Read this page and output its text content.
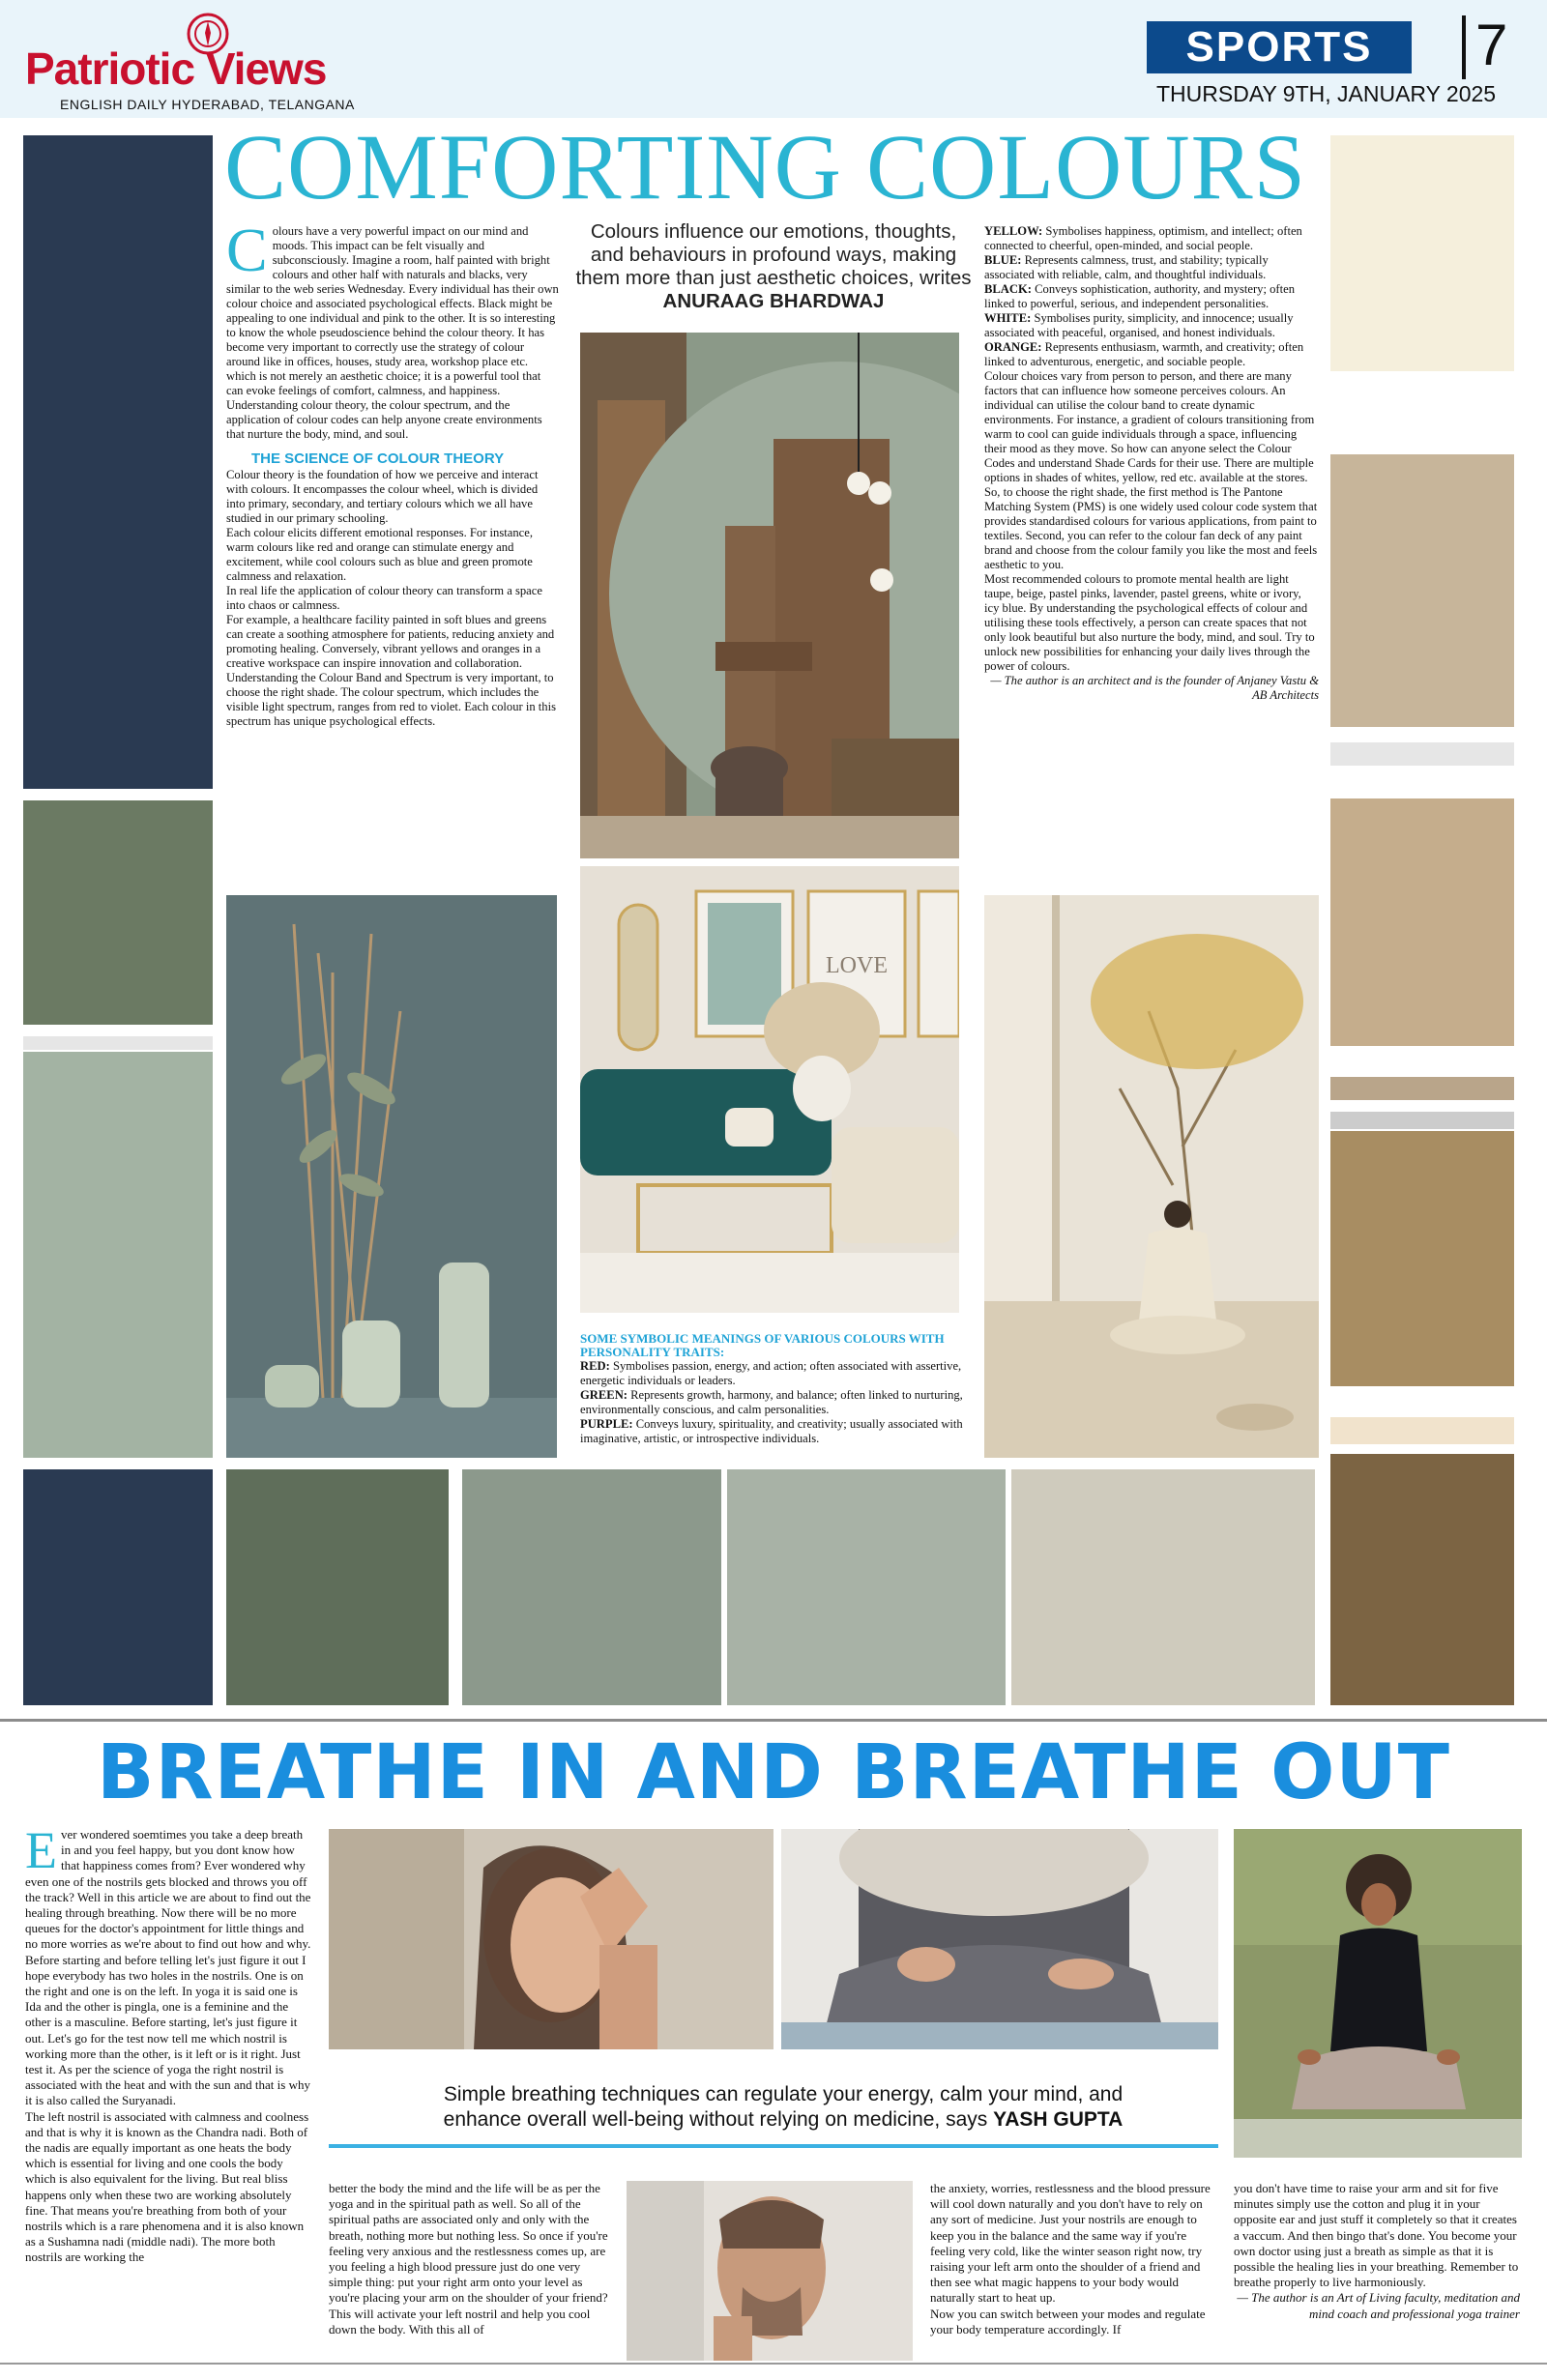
Patriotic Views
ENGLISH DAILY HYDERABAD, TELANGANA
SPORTS	7
THURSDAY 9TH, JANUARY 2025
COMFORTING COLOURS
C olours have a very powerful impact on our mind and moods. This impact can be felt visually and subconsciously. Imagine a room, half painted with bright colours and other half with naturals and blacks, very similar to the web series Wednesday. Every individual has their own colour choice and associated psychological effects. Black might be appealing to one individual and pink to the other. It is so interesting to know the whole pseudoscience behind the colour theory. It has become very important to correctly use the strategy of colour around like in offices, houses, study area, workshop place etc. which is not merely an aesthetic choice; it is a powerful tool that can evoke feelings of comfort, calmness, and happiness. Understanding colour theory, the colour spectrum, and the application of colour codes can help anyone create environments that nurture the body, mind, and soul.

THE SCIENCE OF COLOUR THEORY

Colour theory is the foundation of how we perceive and interact with colours. It encompasses the colour wheel, which is divided into primary, secondary, and tertiary colours which we all have studied in our primary schooling.

Each colour elicits different emotional responses. For instance, warm colours like red and orange can stimulate energy and excitement, while cool colours such as blue and green promote calmness and relaxation.

In real life the application of colour theory can transform a space into chaos or calmness.

For example, a healthcare facility painted in soft blues and greens can create a soothing atmosphere for patients, reducing anxiety and promoting healing. Conversely, vibrant yellows and oranges in a creative workspace can inspire innovation and collaboration. Understanding the Colour Band and Spectrum is very important, to choose the right shade. The colour spectrum, which includes the visible light spectrum, ranges from red to violet. Each colour in this spectrum has unique psychological effects.

Colours influence our emotions, thoughts, and behaviours in profound ways, making them more than just aesthetic choices, writes ANURAAG BHARDWAJ

YELLOW: Symbolises happiness, optimism, and intellect; often connected to cheerful, open-minded, and social people.

BLUE: Represents calmness, trust, and stability; typically associated with reliable, calm, and thoughtful individuals.

BLACK: Conveys sophistication, authority, and mystery; often linked to powerful, serious, and independent personalities.

WHITE: Symbolises purity, simplicity, and innocence; usually associated with peaceful, organised, and honest individuals.

ORANGE: Represents enthusiasm, warmth, and creativity; often linked to adventurous, energetic, and sociable people.

Colour choices vary from person to person, and there are many factors that can influence how someone perceives colours. An individual can utilise the colour band to create dynamic environments. For instance, a gradient of colours transitioning from warm to cool can guide individuals through a space, influencing their mood as they move. So how can anyone select the Colour Codes and understand Shade Cards for their use. There are multiple options in shades of whites, yellow, red etc. available at the stores. So, to choose the right shade, the first method is The Pantone Matching System (PMS) is one widely used colour code system that provides standardised colours for various applications, from paint to textiles. Second, you can refer to the colour fan deck of any paint brand and choose from the colour family you like the most and feels aesthetic to you.

Most recommended colours to promote mental health are light taupe, beige, pastel pinks, lavender, pastel greens, white or ivory, icy blue. By understanding the psychological effects of colour and utilising these tools effectively, a person can create spaces that not only look beautiful but also nurture the body, mind, and soul. Try to unlock new possibilities for enhancing your daily lives through the power of colours.

— The author is an architect and is the founder of Anjaney Vastu & AB Architects

LOVE

SOME SYMBOLIC MEANINGS OF VARIOUS COLOURS WITH PERSONALITY TRAITS:

RED: Symbolises passion, energy, and action; often associated with assertive, energetic individuals or leaders.

GREEN: Represents growth, harmony, and balance; often linked to nurturing, environmentally conscious, and calm personalities.

PURPLE: Conveys luxury, spirituality, and creativity; usually associated with imaginative, artistic, or introspective individuals.

BREATHE IN AND BREATHE OUT
E ver wondered soemtimes you take a deep breath in and you feel happy, but you dont know how that happiness comes from? Ever wondered why even one of the nostrils gets blocked and throws you off the track? Well in this article we are about to find out the healing through breathing. Now there will be no more queues for the doctor's appointment for little things and no more worries as we're about to find out how and why.

Before starting and before telling let's just figure it out I hope everybody has two holes in the nostrils. One is on the right and one is on the left. In yoga it is said one is Ida and the other is pingla, one is a feminine and the other is a masculine. Before starting, let's just figure it out. Let's go for the test now tell me which nostril is working more than the other, is it left or is it right. Just test it. As per the science of yoga the right nostril is associated with the heat and with the sun and that is why it is also called the Suryanadi.

The left nostril is associated with calmness and coolness and that is why it is known as the Chandra nadi. Both of the nadis are equally important as one heats the body which is essential for living and one cools the body which is also equivalent for the living. But real bliss happens only when these two are working absolutely fine. That means you're breathing from both of your nostrils which is a rare phenomena and it is also known as a Sushamna nadi (middle nadi). The more both nostrils are working the

Simple breathing techniques can regulate your energy, calm your mind, and enhance overall well-being without relying on medicine, says YASH GUPTA

better the body the mind and the life will be as per the yoga and in the spiritual path as well. So all of the spiritual paths are associated only and only with the breath, nothing more but nothing less. So once if you're feeling very anxious and the restlessness comes up, are you feeling a high blood pressure just do one very simple thing: put your right arm onto your level as you're placing your arm on the shoulder of your friend? This will activate your left nostril and help you cool down the body. With this all of

the anxiety, worries, restlessness and the blood pressure will cool down naturally and you don't have to rely on any sort of medicine. Just your nostrils are enough to keep you in the balance and the same way if you're feeling very cold, like the winter season right now, try raising your left arm onto the shoulder of a friend and then see what magic happens to your body would naturally start to heat up.

Now you can switch between your modes and regulate your body temperature accordingly. If

you don't have time to raise your arm and sit for five minutes simply use the cotton and plug it in your opposite ear and just stuff it completely so that it creates a vaccum. And then bingo that's done. You become your own doctor using just a breath as simple as that it is possible the healing lies in your breathing. Remember to breathe properly to live harmoniously.

— The author is an Art of Living faculty, meditation and mind coach and professional yoga trainer
